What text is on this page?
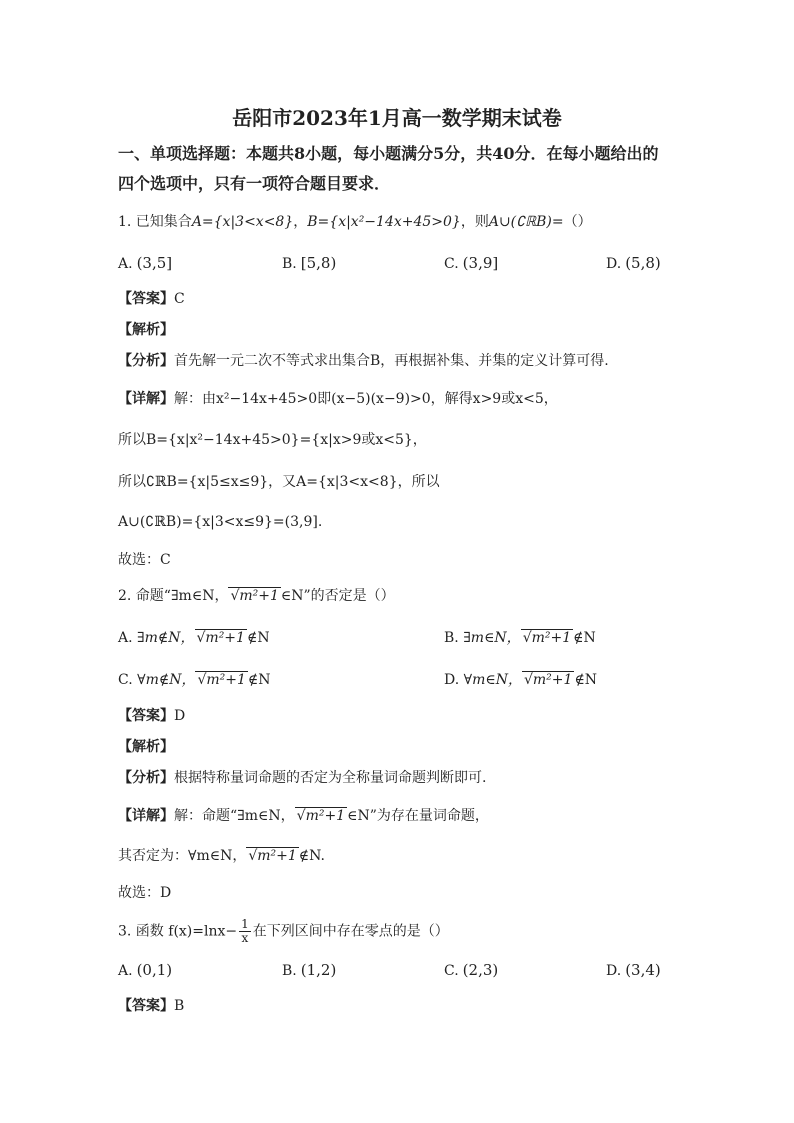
岳阳市2023年1月高一数学期末试卷
一、单项选择题：本题共8小题，每小题满分5分，共40分．在每小题给出的
四个选项中，只有一项符合题目要求．
1. 已知集合A={x|3<x<8}，B={x|x²−14x+45>0}，则A∪(∁ℝB)=（）
A. (3,5]	B. [5,8)	C. (3,9]	D. (5,8)
【答案】C
【解析】
【分析】首先解一元二次不等式求出集合B，再根据补集、并集的定义计算可得.
【详解】解：由x²−14x+45>0即(x−5)(x−9)>0，解得x>9或x<5，
所以B={x|x²−14x+45>0}={x|x>9或x<5}，
所以∁ℝB={x|5≤x≤9}，又A={x|3<x<8}，所以
A∪(∁ℝB)={x|3<x≤9}=(3,9].
故选：C
2. 命题“∃m∈N， √m²+1 ∈N”的否定是（）
A. ∃m∉N， √m²+1 ∉N	B. ∃m∈N， √m²+1 ∉N
C. ∀m∉N， √m²+1 ∉N	D. ∀m∈N， √m²+1 ∉N
【答案】D
【解析】
【分析】根据特称量词命题的否定为全称量词命题判断即可.
【详解】解：命题“∃m∈N， √m²+1 ∈N”为存在量词命题，
其否定为：∀m∈N， √m²+1 ∉N.
故选：D
3. 函数 $f(x)=\ln x- \frac{1}{x}$ 在下列区间中存在零点的是（）
A. (0,1)	B. (1,2)	C. (2,3)	D. (3,4)
【答案】B
